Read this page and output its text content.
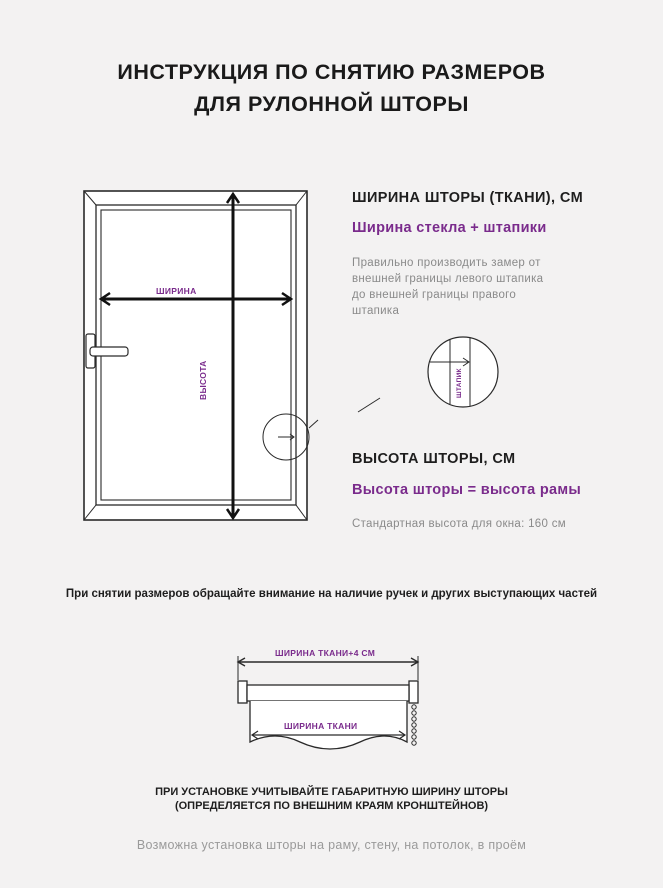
ИНСТРУКЦИЯ ПО СНЯТИЮ РАЗМЕРОВ
ДЛЯ РУЛОННОЙ ШТОРЫ
ШИРИНА
ВЫСОТА	ШТАПИК
ШИРИНА ШТОРЫ (ТКАНИ), СМ
Ширина стекла + штапики
Правильно производить замер от
внешней границы левого штапика
до внешней границы правого
штапика
ВЫСОТА ШТОРЫ, СМ
Высота шторы = высота рамы
Стандартная высота для окна: 160 см
При снятии размеров обращайте внимание на наличие ручек и других выступающих частей
ШИРИНА ТКАНИ+4 СМ
ШИРИНА ТКАНИ
ПРИ УСТАНОВКЕ УЧИТЫВАЙТЕ ГАБАРИТНУЮ ШИРИНУ ШТОРЫ
(ОПРЕДЕЛЯЕТСЯ ПО ВНЕШНИМ КРАЯМ КРОНШТЕЙНОВ)
Возможна установка шторы на раму, стену, на потолок, в проём
